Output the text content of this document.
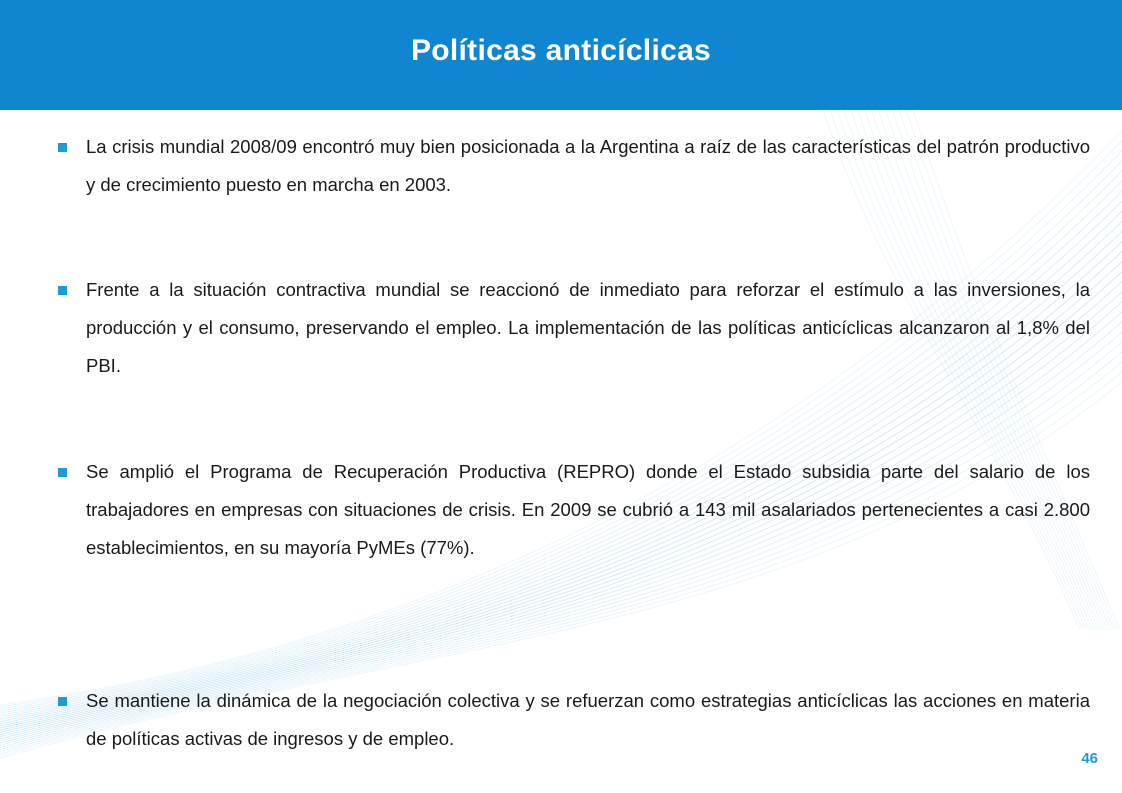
Políticas anticíclicas
La crisis mundial 2008/09 encontró muy bien posicionada a la Argentina a raíz de las características del patrón productivo y de crecimiento puesto en marcha en 2003.
Frente a la situación contractiva mundial se reaccionó de inmediato para reforzar el estímulo a las inversiones, la producción y el consumo, preservando el empleo. La implementación de las políticas anticíclicas alcanzaron al 1,8% del PBI.
Se amplió el Programa de Recuperación Productiva (REPRO) donde el Estado subsidia parte del salario de los trabajadores en empresas con situaciones de crisis. En 2009 se cubrió a 143 mil asalariados pertenecientes a casi 2.800 establecimientos, en su mayoría PyMEs (77%).
Se mantiene la dinámica de la negociación colectiva y se refuerzan como estrategias anticíclicas las acciones en materia de políticas activas de ingresos y de empleo.
46
